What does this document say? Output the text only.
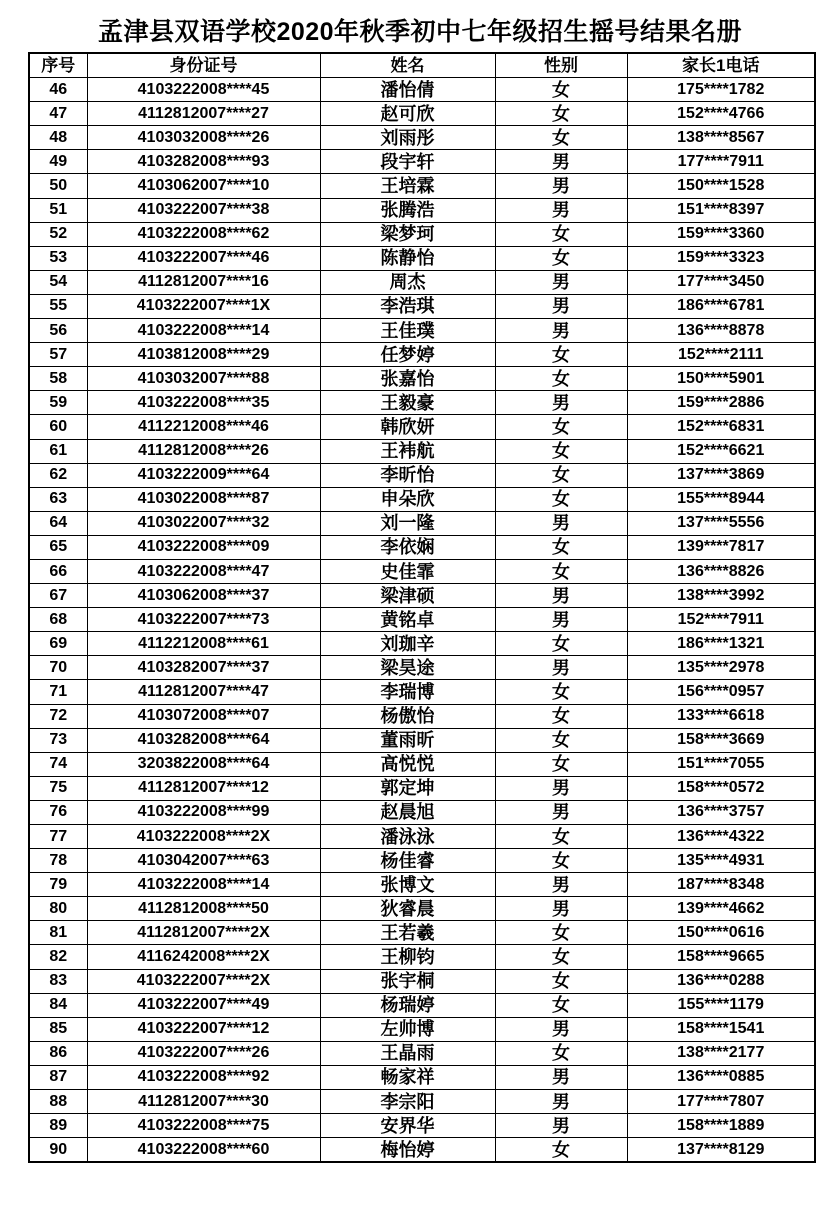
孟津县双语学校2020年秋季初中七年级招生摇号结果名册
序号	身份证号	姓名	性别	家长1电话
46	4103222008****45	潘怡倩	女	175****1782
47	4112812007****27	赵可欣	女	152****4766
48	4103032008****26	刘雨彤	女	138****8567
49	4103282008****93	段宇轩	男	177****7911
50	4103062007****10	王培霖	男	150****1528
51	4103222007****38	张腾浩	男	151****8397
52	4103222008****62	梁梦珂	女	159****3360
53	4103222007****46	陈静怡	女	159****3323
54	4112812007****16	周杰	男	177****3450
55	4103222007****1X	李浩琪	男	186****6781
56	4103222008****14	王佳璞	男	136****8878
57	4103812008****29	任梦婷	女	152****2111
58	4103032007****88	张嘉怡	女	150****5901
59	4103222008****35	王毅豪	男	159****2886
60	4112212008****46	韩欣妍	女	152****6831
61	4112812008****26	王袆航	女	152****6621
62	4103222009****64	李昕怡	女	137****3869
63	4103022008****87	申朵欣	女	155****8944
64	4103022007****32	刘一隆	男	137****5556
65	4103222008****09	李依娴	女	139****7817
66	4103222008****47	史佳霏	女	136****8826
67	4103062008****37	梁津硕	男	138****3992
68	4103222007****73	黄铭卓	男	152****7911
69	4112212008****61	刘珈辛	女	186****1321
70	4103282007****37	梁昊途	男	135****2978
71	4112812007****47	李瑞博	女	156****0957
72	4103072008****07	杨傲怡	女	133****6618
73	4103282008****64	董雨昕	女	158****3669
74	3203822008****64	高悦悦	女	151****7055
75	4112812007****12	郭定坤	男	158****0572
76	4103222008****99	赵晨旭	男	136****3757
77	4103222008****2X	潘泳泳	女	136****4322
78	4103042007****63	杨佳睿	女	135****4931
79	4103222008****14	张博文	男	187****8348
80	4112812008****50	狄睿晨	男	139****4662
81	4112812007****2X	王若羲	女	150****0616
82	4116242008****2X	王柳钧	女	158****9665
83	4103222007****2X	张宇桐	女	136****0288
84	4103222007****49	杨瑞婷	女	155****1179
85	4103222007****12	左帅博	男	158****1541
86	4103222007****26	王晶雨	女	138****2177
87	4103222008****92	畅家祥	男	136****0885
88	4112812007****30	李宗阳	男	177****7807
89	4103222008****75	安界华	男	158****1889
90	4103222008****60	梅怡婷	女	137****8129
